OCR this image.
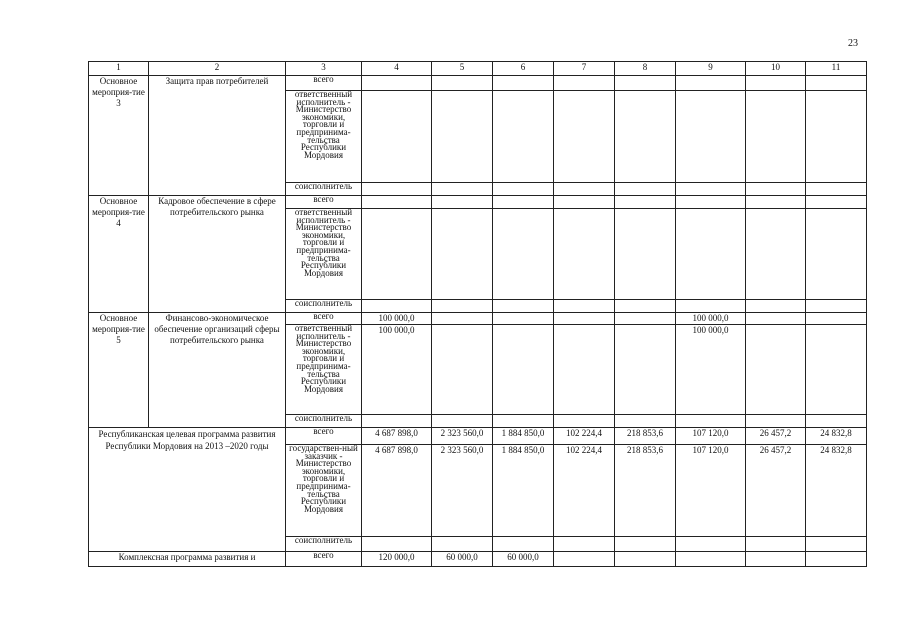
23
1	2	3	4	5	6	7	8	9	10	11
Основное мероприя-тие 3	Защита прав потребителей	всего								
		ответственный исполнитель - Министерство экономики, торговли и предпринима-тельства Республики Мордовия								
		соисполнитель								
Основное мероприя-тие 4	Кадровое обеспечение в сфере потребительского рынка	всего								
		ответственный исполнитель - Министерство экономики, торговли и предпринима-тельства Республики Мордовия								
		соисполнитель								
Основное мероприя-тие 5	Финансово-экономическое обеспечение организаций сферы потребительского рынка	всего	100 000,0					100 000,0		
		ответственный исполнитель - Министерство экономики, торговли и предпринима-тельства Республики Мордовия	100 000,0					100 000,0		
		соисполнитель								
Республиканская целевая программа развития Республики Мордовия на 2013 –2020 годы		всего	4 687 898,0	2 323 560,0	1 884 850,0	102 224,4	218 853,6	107 120,0	26 457,2	24 832,8
		государствен-ный заказчик - Министерство экономики, торговли и предпринима-тельства Республики Мордовия	4 687 898,0	2 323 560,0	1 884 850,0	102 224,4	218 853,6	107 120,0	26 457,2	24 832,8
		соисполнитель								
Комплексная программа развития и		всего	120 000,0	60 000,0	60 000,0					
